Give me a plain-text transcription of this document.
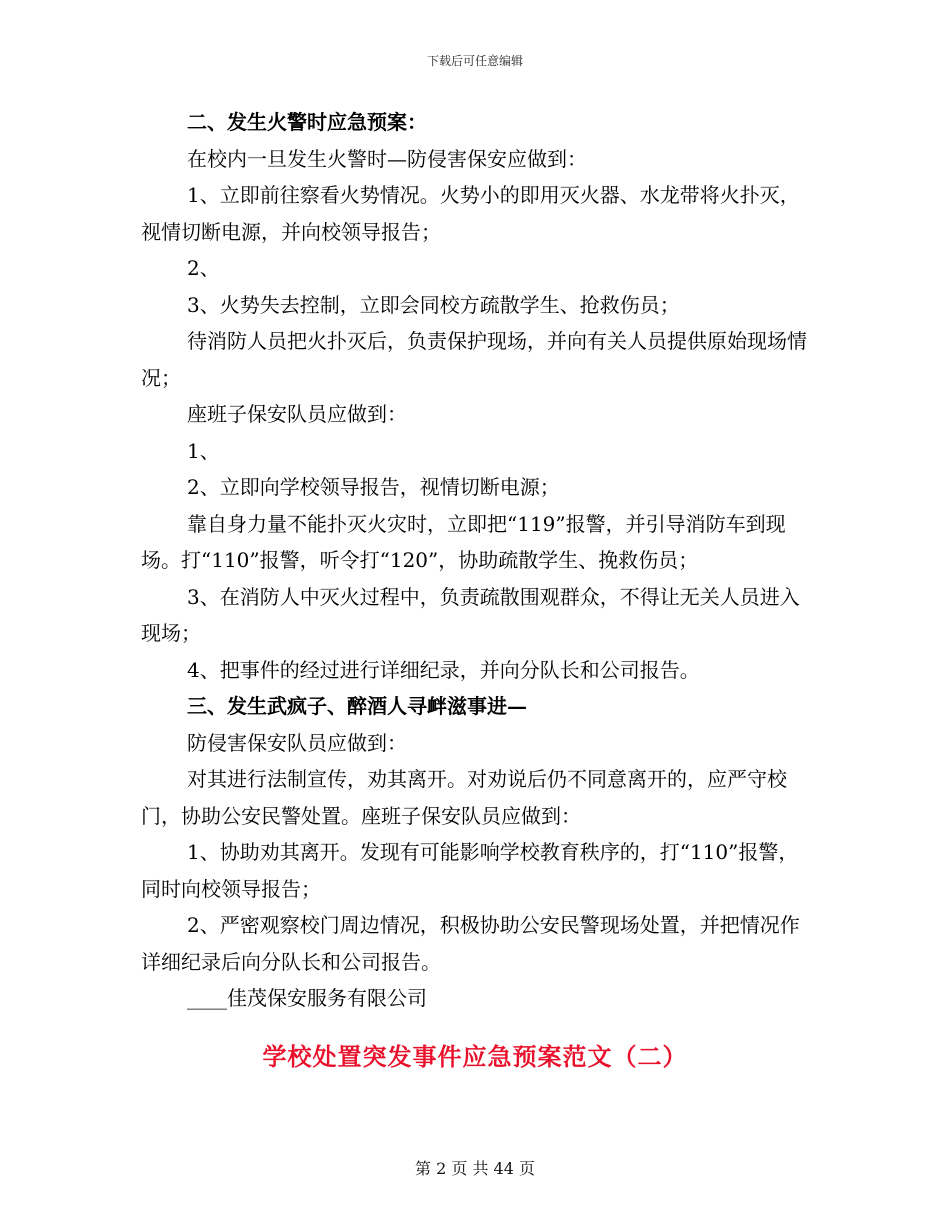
下载后可任意编辑

二、发生火警时应急预案：

在校内一旦发生火警时—防侵害保安应做到：

1、立即前往察看火势情况。火势小的即用灭火器、水龙带将火扑灭，视情切断电源，并向校领导报告；

2、

3、火势失去控制，立即会同校方疏散学生、抢救伤员；

待消防人员把火扑灭后，负责保护现场，并向有关人员提供原始现场情况；

座班子保安队员应做到：

1、

2、立即向学校领导报告，视情切断电源；

靠自身力量不能扑灭火灾时，立即把“119”报警，并引导消防车到现场。打“110”报警，听令打“120”，协助疏散学生、挽救伤员；

3、在消防人中灭火过程中，负责疏散围观群众，不得让无关人员进入现场；

4、把事件的经过进行详细纪录，并向分队长和公司报告。

三、发生武疯子、醉酒人寻衅滋事进—

防侵害保安队员应做到：

对其进行法制宣传，劝其离开。对劝说后仍不同意离开的，应严守校门，协助公安民警处置。座班子保安队员应做到：

1、协助劝其离开。发现有可能影响学校教育秩序的，打“110”报警，同时向校领导报告；

2、严密观察校门周边情况，积极协助公安民警现场处置，并把情况作详细纪录后向分队长和公司报告。

____佳茂保安服务有限公司

学校处置突发事件应急预案范文（二）
第 2 页 共 44 页
